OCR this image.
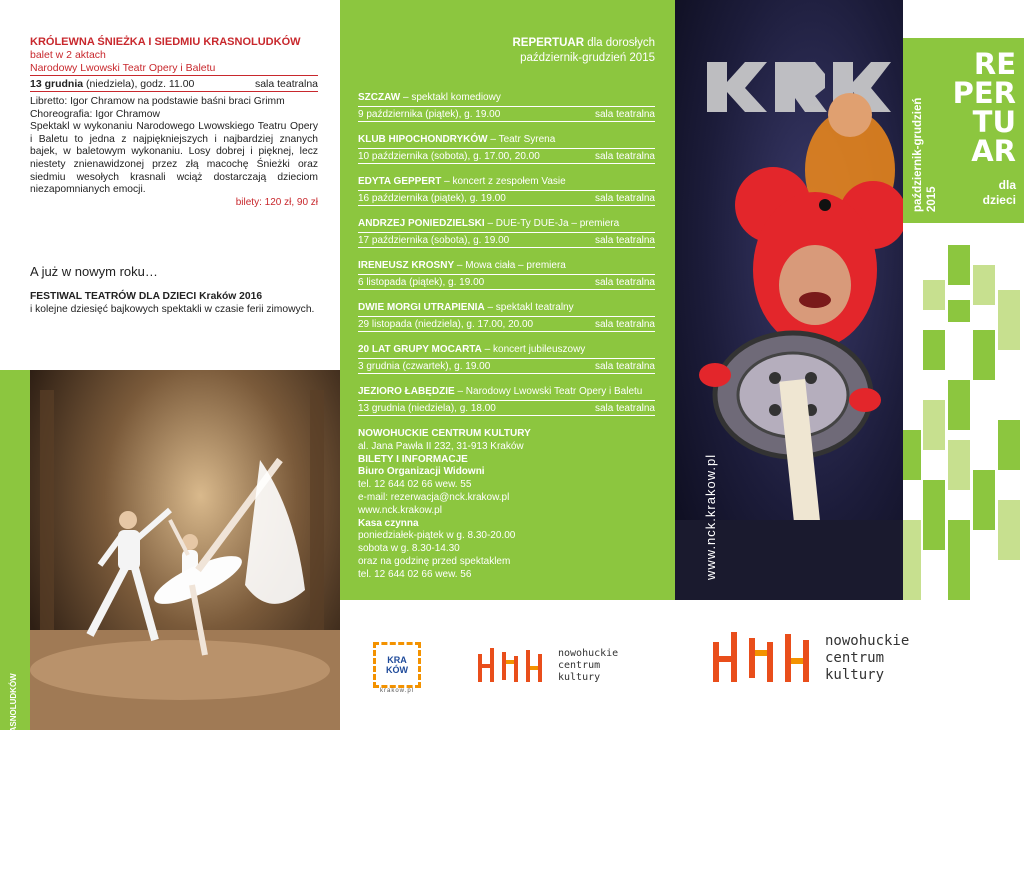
KRÓLEWNA ŚNIEŻKA I SIEDMIU KRASNOLUDKÓW
balet w 2 aktach
Narodowy Lwowski Teatr Opery i Baletu
13 grudnia (niedziela), godz. 11.00	sala teatralna

Libretto: Igor Chramow na podstawie baśni braci Grimm

Choreografia: Igor Chramow

Spektakl w wykonaniu Narodowego Lwowskiego Teatru Opery i Baletu to jedna z najpiękniejszych i najbardziej znanych bajek, w baletowym wykonaniu. Losy dobrej i pięknej, lecz niestety znienawidzonej przez złą macochę Śnieżki oraz siedmiu wesołych krasnali wciąż dostarczają dzieciom niezapomnianych emocji.

bilety: 120 zł, 90 zł
A już w nowym roku…
FESTIWAL TEATRÓW DLA DZIECI Kraków 2016
i kolejne dziesięć bajkowych spektakli w czasie ferii zimowych.
KRÓLEWNA ŚNIEŻKA I SIEDMIU KRASNOLUDKÓW
REPERTUAR dla dorosłych
październik-grudzień 2015
SZCZAW – spektakl komediowy
9 października (piątek), g. 19.00	sala teatralna
KLUB HIPOCHONDRYKÓW – Teatr Syrena
10 października (sobota), g. 17.00, 20.00	sala teatralna
EDYTA GEPPERT – koncert z zespołem Vasie
16 października (piątek), g. 19.00	sala teatralna
ANDRZEJ PONIEDZIELSKI – DUE-Ty DUE-Ja – premiera
17 października (sobota), g. 19.00	sala teatralna
IRENEUSZ KROSNY – Mowa ciała – premiera
6 listopada (piątek), g. 19.00	sala teatralna
DWIE MORGI UTRAPIENIA – spektakl teatralny
29 listopada (niedziela), g. 17.00, 20.00	sala teatralna
20 LAT GRUPY MOCARTA – koncert jubileuszowy
3 grudnia (czwartek), g. 19.00	sala teatralna
JEZIORO ŁABĘDZIE – Narodowy Lwowski Teatr Opery i Baletu
13 grudnia (niedziela), g. 18.00	sala teatralna
NOWOHUCKIE CENTRUM KULTURY
al. Jana Pawła II 232, 31-913 Kraków
BILETY I INFORMACJE
Biuro Organizacji Widowni
tel. 12 644 02 66 wew. 55
e-mail: rezerwacja@nck.krakow.pl
www.nck.krakow.pl
Kasa czynna
poniedziałek-piątek w g. 8.30-20.00
sobota w g. 8.30-14.30
oraz na godzinę przed spektaklem
tel. 12 644 02 66 wew. 56
KRA KÓW
krakow.pl
nowohuckie
centrum
kultury
RE
PER
TU
AR
dla
dzieci
październik-grudzień 2015
www.nck.krakow.pl
nowohuckie
centrum
kultury
